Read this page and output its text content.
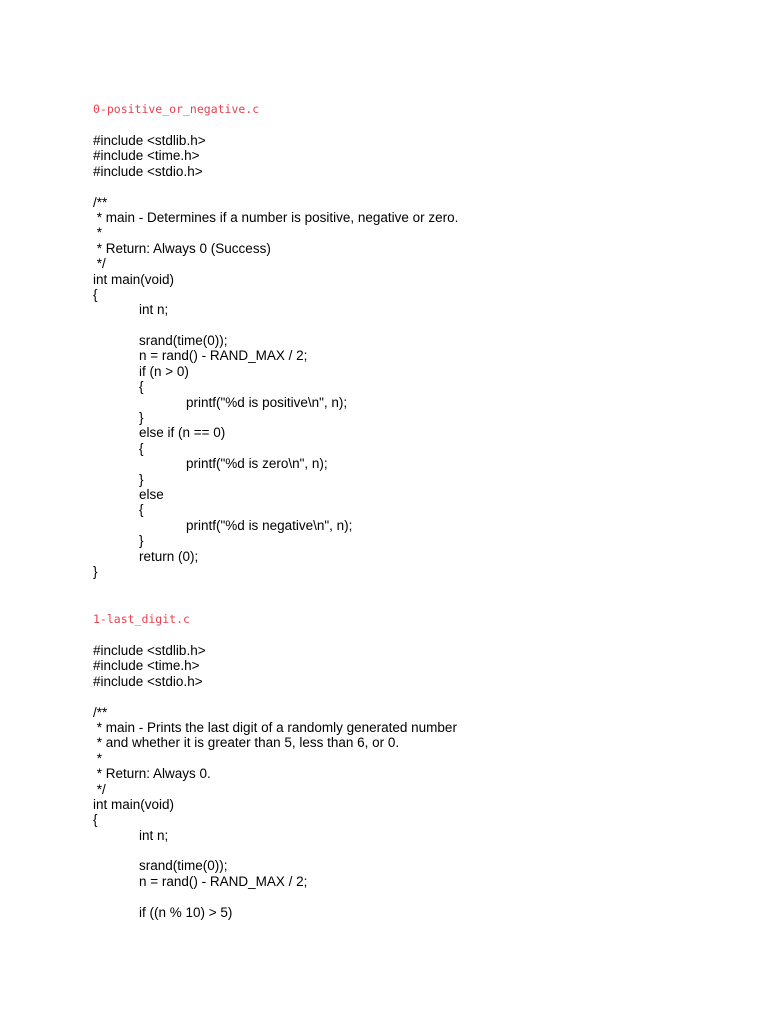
0-positive_or_negative.c
#include <stdlib.h>
#include <time.h>
#include <stdio.h>
/**
* main - Determines if a number is positive, negative or zero.
*
* Return: Always 0 (Success)
*/
int main(void)
{
int n;
srand(time(0));
n = rand() - RAND_MAX / 2;
if (n > 0)
{
printf("%d is positive\n", n);
}
else if (n == 0)
{
printf("%d is zero\n", n);
}
else
{
printf("%d is negative\n", n);
}
return (0);
}
1-last_digit.c
#include <stdlib.h>
#include <time.h>
#include <stdio.h>
/**
* main - Prints the last digit of a randomly generated number
* and whether it is greater than 5, less than 6, or 0.
*
* Return: Always 0.
*/
int main(void)
{
int n;
srand(time(0));
n = rand() - RAND_MAX / 2;
if ((n % 10) > 5)
